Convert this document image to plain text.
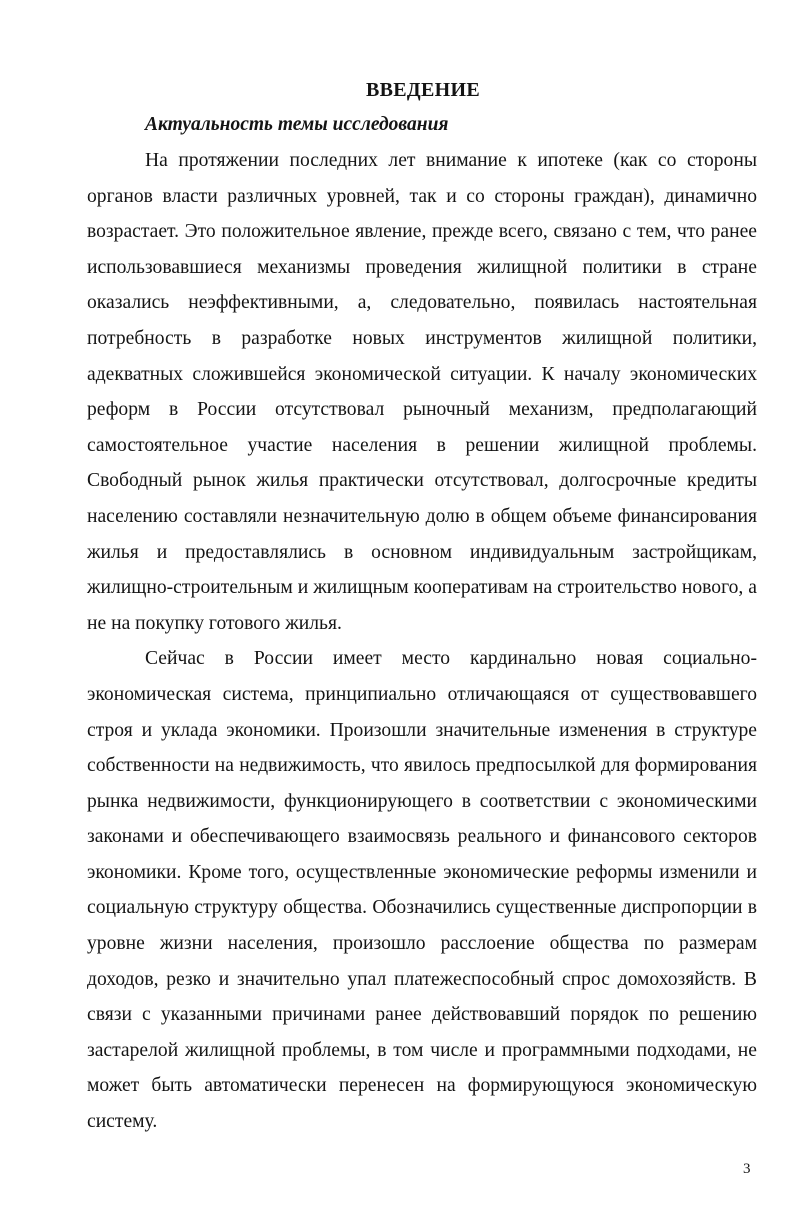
ВВЕДЕНИЕ

Актуальность темы исследования

На протяжении последних лет внимание к ипотеке (как со стороны органов власти различных уровней, так и со стороны граждан), динамично возрастает. Это положительное явление, прежде всего, связано с тем, что ранее использовавшиеся механизмы проведения жилищной политики в стране оказались неэффективными, а, следовательно, появилась настоятельная потребность в разработке новых инструментов жилищной политики, адекватных сложившейся экономической ситуации. К началу экономических реформ в России отсутствовал рыночный механизм, предполагающий самостоятельное участие населения в решении жилищной проблемы. Свободный рынок жилья практически отсутствовал, долгосрочные кредиты населению составляли незначительную долю в общем объеме финансирования жилья и предоставлялись в основном индивидуальным застройщикам, жилищно-строительным и жилищным кооперативам на строительство нового, а не на покупку готового жилья.

Сейчас в России имеет место кардинально новая социально-экономическая система, принципиально отличающаяся от существовавшего строя и уклада экономики. Произошли значительные изменения в структуре собственности на недвижимость, что явилось предпосылкой для формирования рынка недвижимости, функционирующего в соответствии с экономическими законами и обеспечивающего взаимосвязь реального и финансового секторов экономики. Кроме того, осуществленные экономические реформы изменили и социальную структуру общества. Обозначились существенные диспропорции в уровне жизни населения, произошло расслоение общества по размерам доходов, резко и значительно упал платежеспособный спрос домохозяйств. В связи с указанными причинами ранее действовавший порядок по решению застарелой жилищной проблемы, в том числе и программными подходами, не может быть автоматически перенесен на формирующуюся экономическую систему.

3
